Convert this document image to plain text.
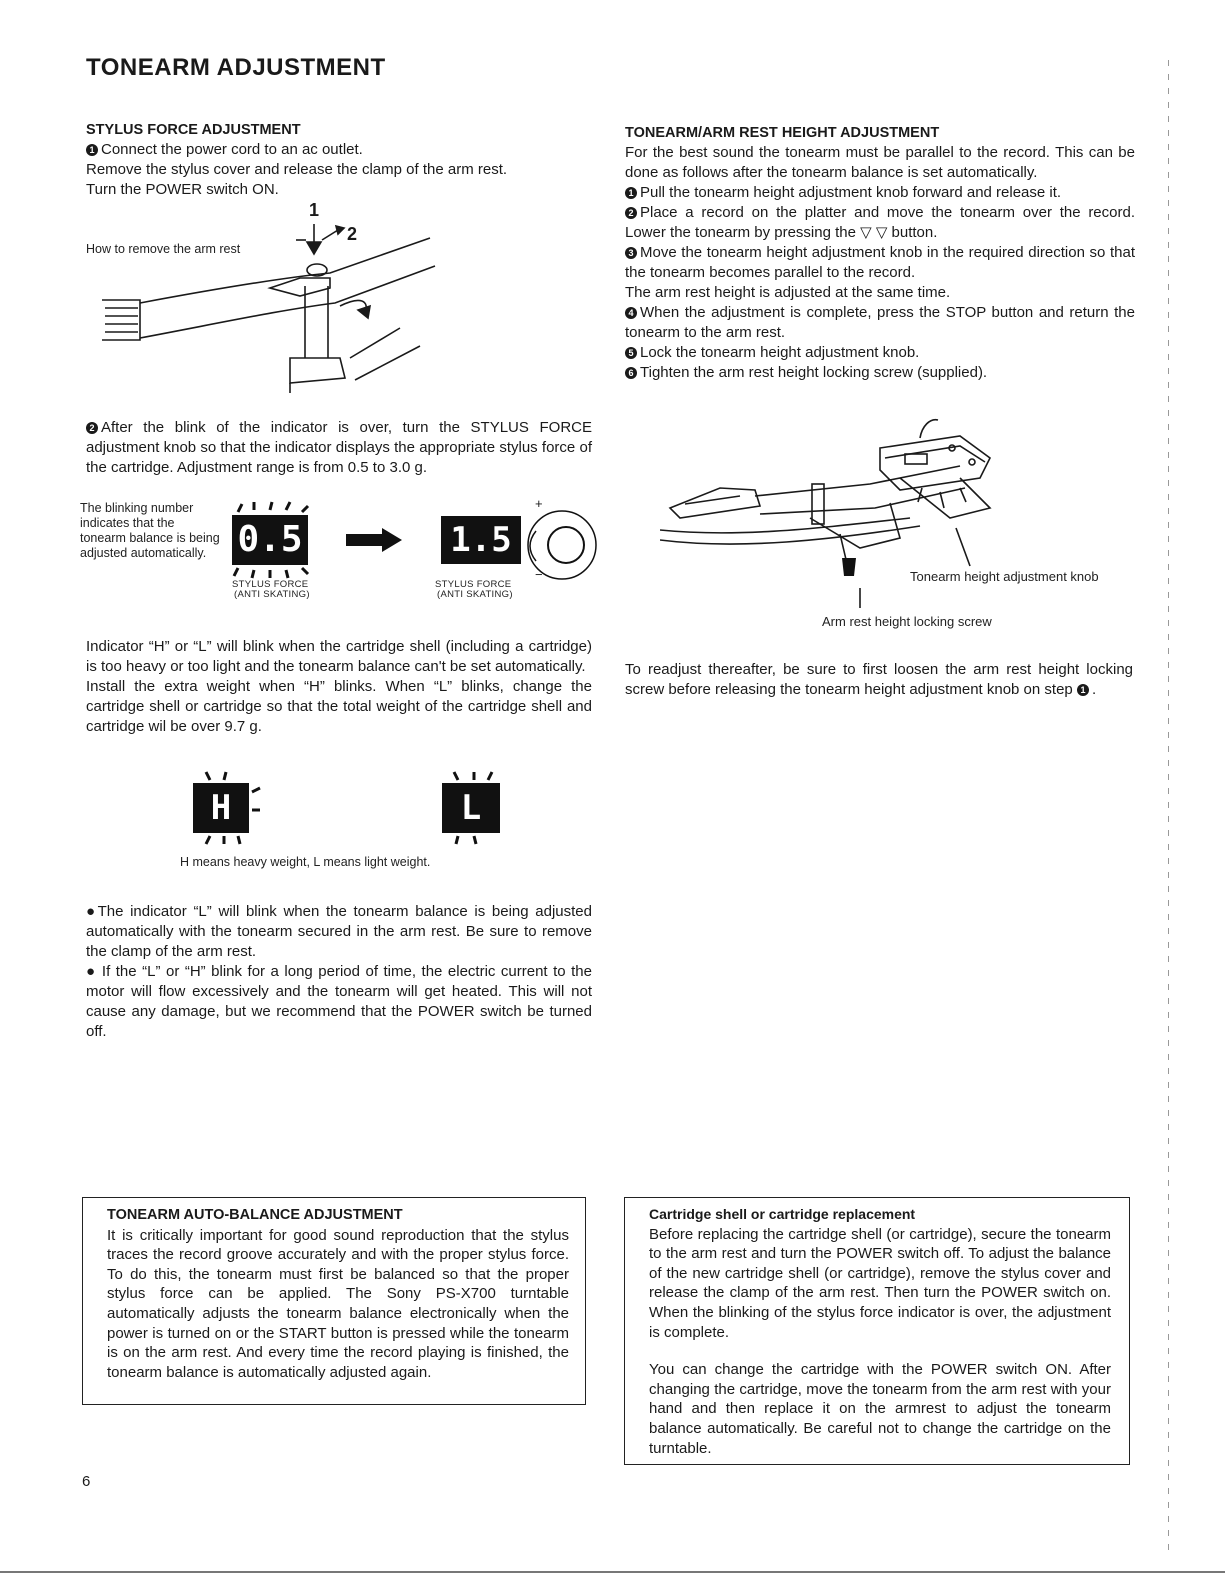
TONEARM ADJUSTMENT

STYLUS FORCE ADJUSTMENT

1 Connect the power cord to an ac outlet.

Remove the stylus cover and release the clamp of the arm rest.

Turn the POWER switch ON.

How to remove the arm rest
1
2

2 After the blink of the indicator is over, turn the STYLUS FORCE adjustment knob so that the indicator displays the appropriate stylus force of the cartridge. Adjustment range is from 0.5 to 3.0 g.

The blinking number indicates that the tonearm balance is being adjusted automatically. 0.5
STYLUS FORCE
(ANTI SKATING)
1.5
+
−
STYLUS FORCE
(ANTI SKATING)

Indicator “H” or “L” will blink when the cartridge shell (including a cartridge) is too heavy or too light and the tonearm balance can't be set automatically.

Install the extra weight when “H” blinks. When “L” blinks, change the cartridge shell or cartridge so that the total weight of the cartridge shell and cartridge wil be over 9.7 g.

H	L
H means heavy weight, L means light weight.

●The indicator “L” will blink when the tonearm balance is being adjusted automatically with the tonearm secured in the arm rest. Be sure to remove the clamp of the arm rest.

● If the “L” or “H” blink for a long period of time, the electric current to the motor will flow excessively and the tonearm will get heated. This will not cause any damage, but we recommend that the POWER switch be turned off.

TONEARM/ARM REST HEIGHT ADJUSTMENT

For the best sound the tonearm must be parallel to the record. This can be done as follows after the tonearm balance is set automatically.

1 Pull the tonearm height adjustment knob forward and release it.

2 Place a record on the platter and move the tonearm over the record. Lower the tonearm by pressing the ▽ ▽ button.

3 Move the tonearm height adjustment knob in the required direction so that the tonearm becomes parallel to the record.

The arm rest height is adjusted at the same time.

4 When the adjustment is complete, press the STOP button and return the tonearm to the arm rest.

5 Lock the tonearm height adjustment knob.

6 Tighten the arm rest height locking screw (supplied).

Tonearm height adjustment knob
Arm rest height locking screw

To readjust thereafter, be sure to first loosen the arm rest height locking screw before releasing the tonearm height adjustment knob on step 1 .

TONEARM AUTO-BALANCE ADJUSTMENT

It is critically important for good sound reproduction that the stylus traces the record groove accurately and with the proper stylus force. To do this, the tonearm must first be balanced so that the proper stylus force can be applied. The Sony PS-X700 turntable automatically adjusts the tonearm balance electronically when the power is turned on or the START button is pressed while the tonearm is on the arm rest. And every time the record playing is finished, the tonearm balance is automatically adjusted again.

Cartridge shell or cartridge replacement

Before replacing the cartridge shell (or cartridge), secure the tonearm to the arm rest and turn the POWER switch off. To adjust the balance of the new cartridge shell (or cartridge), remove the stylus cover and release the clamp of the arm rest. Then turn the POWER switch on. When the blinking of the stylus force indicator is over, the adjustment is complete.

You can change the cartridge with the POWER switch ON. After changing the cartridge, move the tonearm from the arm rest with your hand and then replace it on the armrest to adjust the tonearm balance automatically. Be careful not to change the cartridge on the turntable.

6
